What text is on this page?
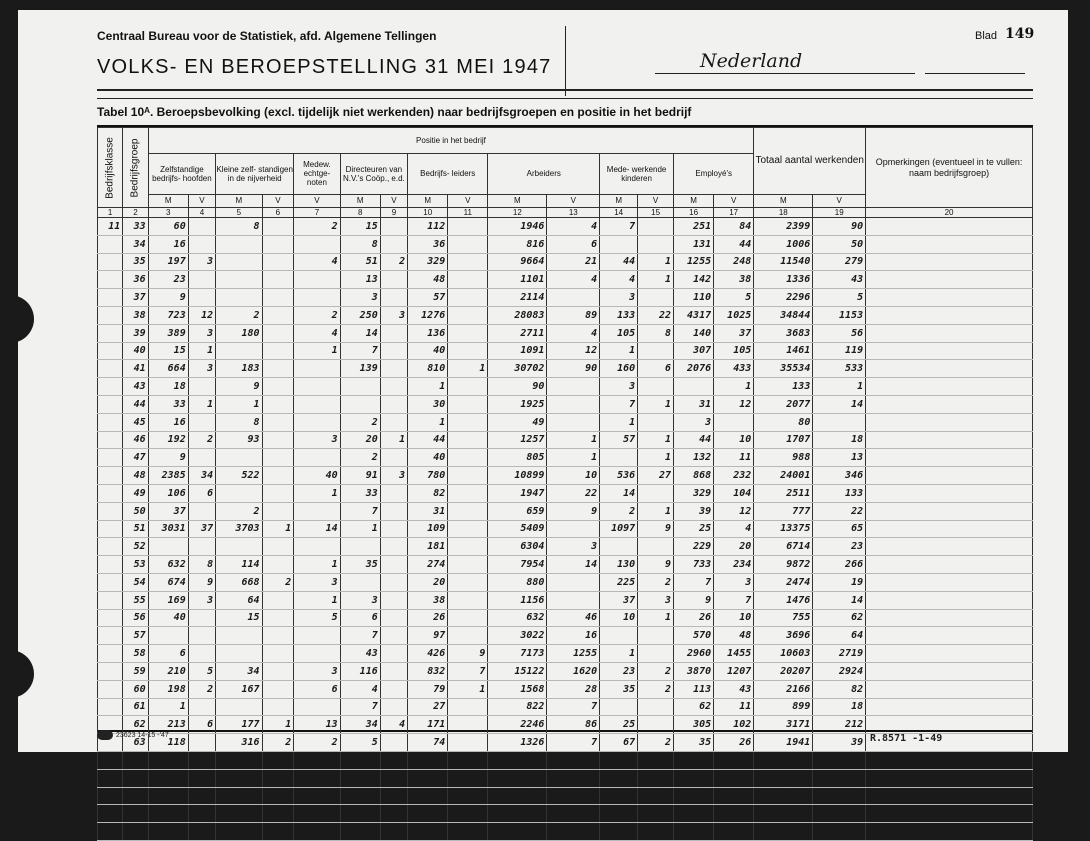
Centraal Bureau voor de Statistiek, afd. Algemene Tellingen
VOLKS- EN BEROEPSTELLING 31 MEI 1947
Blad 149
Nederland
Tabel 10ᴬ. Beroepsbevolking (excl. tijdelijk niet werkenden) naar bedrijfsgroepen en positie in het bedrijf
Bedrijfsklasse	Bedrijfsgroep	Positie in het bedrijf															Totaal aantal werkenden		Opmerkingen (eventueel in te vullen: naam bedrijfsgroep)
		Zelfstandige bedrijfs- hoofden		Kleine zelf- standigen in de nijverheid		Medew. echtge- noten	Directeuren van N.V.'s Coöp., e.d.		Bedrijfs- leiders		Arbeiders		Mede- werkende kinderen		Employé's				
		M	V	M	V	V	M	V	M	V	M	V	M	V	M	V	M	V	
1	2	3	4	5	6	7	8	9	10	11	12	13	14	15	16	17	18	19	20
11	33	60		8		2	15		112		1946	4	7		251	84	2399	90	
	34	16					8		36		816	6			131	44	1006	50	
	35	197	3			4	51	2	329		9664	21	44	1	1255	248	11540	279	
	36	23					13		48		1101	4	4	1	142	38	1336	43	
	37	9					3		57		2114		3		110	5	2296	5	
	38	723	12	2		2	250	3	1276		28083	89	133	22	4317	1025	34844	1153	
	39	389	3	180		4	14		136		2711	4	105	8	140	37	3683	56	
	40	15	1			1	7		40		1091	12	1		307	105	1461	119	
	41	664	3	183			139		810	1	30702	90	160	6	2076	433	35534	533	
	43	18		9					1		90		3			1	133	1	
	44	33	1	1					30		1925		7	1	31	12	2077	14	
	45	16		8			2		1		49		1		3		80		
	46	192	2	93		3	20	1	44		1257	1	57	1	44	10	1707	18	
	47	9					2		40		805	1		1	132	11	988	13	
	48	2385	34	522		40	91	3	780		10899	10	536	27	868	232	24001	346	
	49	106	6			1	33		82		1947	22	14		329	104	2511	133	
	50	37		2			7		31		659	9	2	1	39	12	777	22	
	51	3031	37	3703	1	14	1		109		5409		1097	9	25	4	13375	65	
	52								181		6304	3			229	20	6714	23	
	53	632	8	114		1	35		274		7954	14	130	9	733	234	9872	266	
	54	674	9	668	2	3			20		880		225	2	7	3	2474	19	
	55	169	3	64		1	3		38		1156		37	3	9	7	1476	14	
	56	40		15		5	6		26		632	46	10	1	26	10	755	62	
	57						7		97		3022	16			570	48	3696	64	
	58	6					43		426	9	7173	1255	1		2960	1455	10603	2719	
	59	210	5	34		3	116		832	7	15122	1620	23	2	3870	1207	20207	2924	
	60	198	2	167		6	4		79	1	1568	28	35	2	113	43	2166	82	
	61	1					7		27		822	7			62	11	899	18	
	62	213	6	177	1	13	34	4	171		2246	86	25		305	102	3171	212	
	63	118		316	2	2	5		74		1326	7	67	2	35	26	1941	39	
	64	144	1	244	1	3	2		33		733	4	40	3	138	9	1334	20	
	65	16				1	4		14		159	10	6	1	22	6	221	18	
	66	618	2	1345	1	4	2		26		925	5	199	3	6	1	3119	16	
	67	411	20	417	7	9	21		98		2204	83	90	10	144	107	3385	236	
	68	2509	32	1921	1	85	63		433	1	11119	36	452	31	749	297	17246	403	
23623 14-15 -'47	R.8571 -1-49
